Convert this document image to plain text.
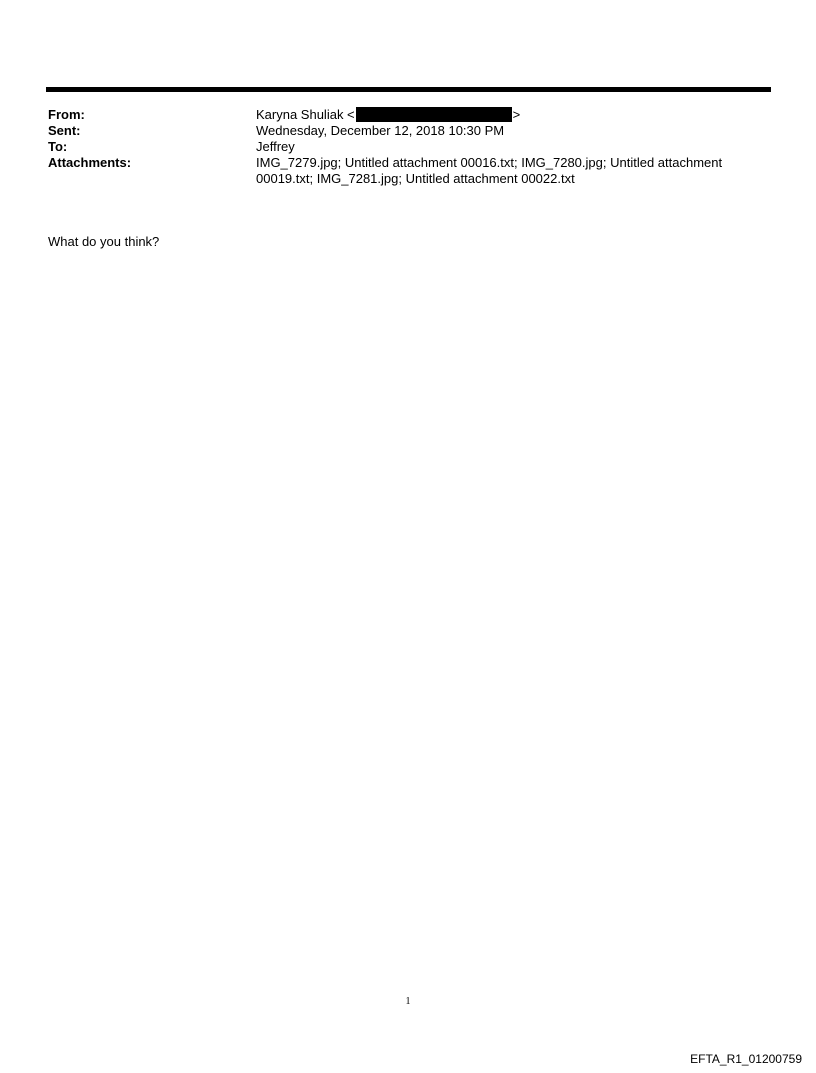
From:	Karyna Shuliak <	>
Sent:	Wednesday, December 12, 2018 10:30 PM
To:	Jeffrey
Attachments:	IMG_7279.jpg; Untitled attachment 00016.txt; IMG_7280.jpg; Untitled attachment 00019.txt; IMG_7281.jpg; Untitled attachment 00022.txt
What do you think?
1
EFTA_R1_01200759
